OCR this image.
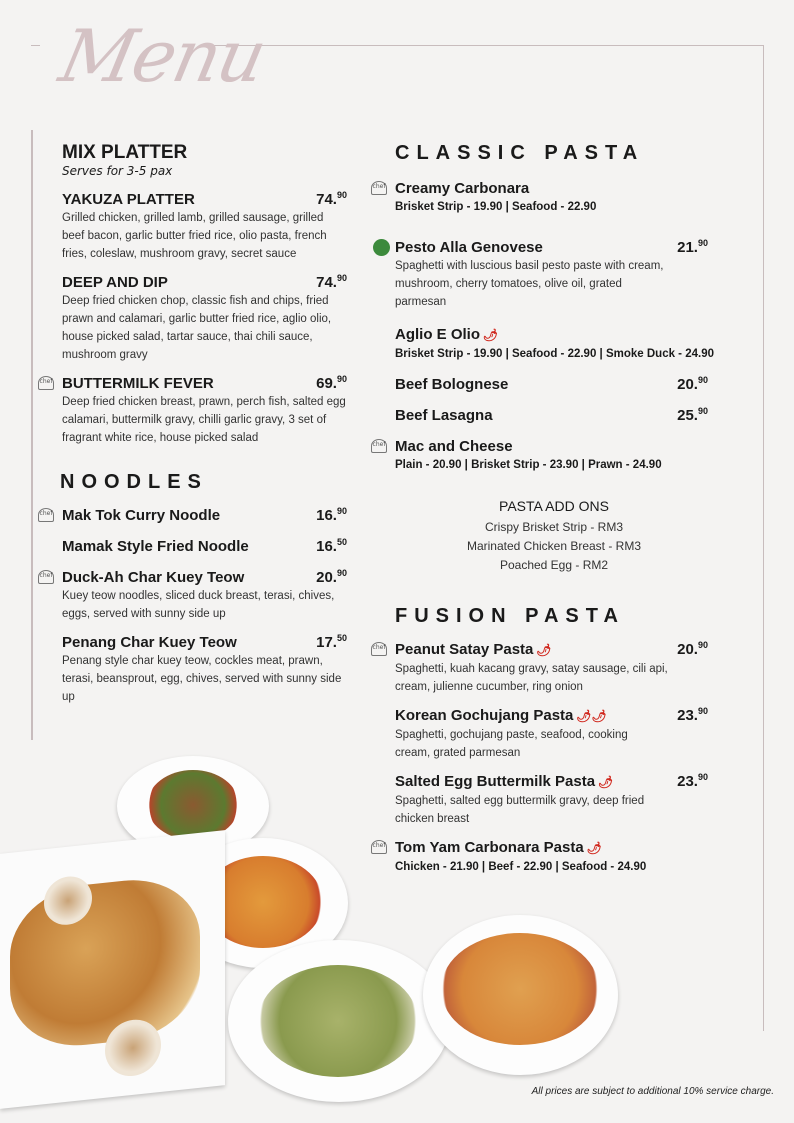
Menu
MIX PLATTER
Serves for 3-5 pax
YAKUZA PLATTER	74.90
Grilled chicken, grilled lamb, grilled sausage, grilled beef bacon, garlic butter fried rice, olio pasta, french fries, coleslaw, mushroom gravy, secret sauce
DEEP AND DIP	74.90
Deep fried chicken chop, classic fish and chips, fried prawn and calamari, garlic butter fried rice, aglio olio, house picked salad, tartar sauce, thai chili sauce, mushroom gravy
chef BUTTERMILK FEVER	69.90
Deep fried chicken breast, prawn, perch fish, salted egg calamari, buttermilk gravy, chilli garlic gravy, 3 set of fragrant white rice, house picked salad
NOODLES
chef Mak Tok Curry Noodle	16.90
Mamak Style Fried Noodle	16.50
chef Duck-Ah Char Kuey Teow	20.90
Kuey teow noodles, sliced duck breast, terasi, chives, eggs, served with sunny side up
Penang Char Kuey Teow	17.50
Penang style char kuey teow, cockles meat, prawn, terasi, beansprout, egg, chives, served with sunny side up
CLASSIC PASTA
chef Creamy Carbonara
Brisket Strip - 19.90 | Seafood - 22.90
Pesto Alla Genovese	21.90
Spaghetti with luscious basil pesto paste with cream, mushroom, cherry tomatoes, olive oil, grated parmesan
Aglio E Olio 🌶
Brisket Strip - 19.90 | Seafood - 22.90 | Smoke Duck - 24.90
Beef Bolognese	20.90
Beef Lasagna	25.90
chef Mac and Cheese
Plain - 20.90 | Brisket Strip - 23.90 | Prawn - 24.90
PASTA ADD ONS
Crispy Brisket Strip - RM3
Marinated Chicken Breast - RM3
Poached Egg - RM2
FUSION PASTA
chef Peanut Satay Pasta 🌶	20.90
Spaghetti, kuah kacang gravy, satay sausage, cili api, cream, julienne cucumber, ring onion
Korean Gochujang Pasta 🌶🌶	23.90
Spaghetti, gochujang paste, seafood, cooking cream, grated parmesan
Salted Egg Buttermilk Pasta 🌶	23.90
Spaghetti, salted egg buttermilk gravy, deep fried chicken breast
chef Tom Yam Carbonara Pasta 🌶
Chicken - 21.90 | Beef - 22.90 | Seafood - 24.90
All prices are subject to additional 10% service charge.
